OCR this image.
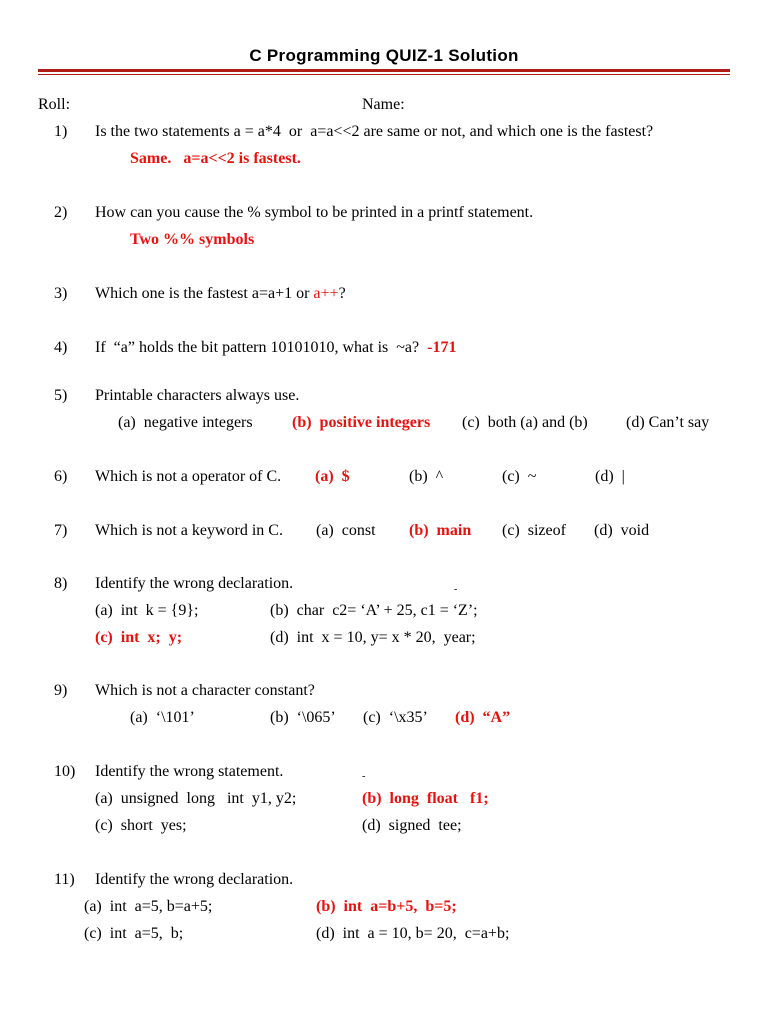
C Programming QUIZ-1 Solution
Roll:	Name:
1) Is the two statements a = a*4  or  a=a<<2 are same or not, and which one is the fastest?
Same.   a=a<<2 is fastest.
2) How can you cause the % symbol to be printed in a printf statement.
Two %% symbols
3) Which one is the fastest a=a+1 or a++?
4) If  “a” holds the bit pattern 10101010, what is  ~a? -171
5) Printable characters always use.
(a)  negative integers (b)  positive integers (c)  both (a) and (b) (d) Can’t say
6) Which is not a operator of C. (a)  $	(b)  ^	(c)  ~	(d)  |
7) Which is not a keyword in C. (a)  const (b)  main (c)  sizeof (d)  void
8) Identify the wrong declaration.	-
(a)  int  k = {9};	(b)  char  c2= ‘A’ + 25, c1 = ‘Z’;
(c)  int  x;  y;	(d)  int  x = 10, y= x * 20,  year;
9) Which is not a character constant?
(a)  ‘\101’	(b)  ‘\065’ (c)  ‘\x35’ (d)  “A”
10) Identify the wrong statement.	-
(a)  unsigned  long   int  y1, y2;	(b)  long  float   f1;
(c)  short  yes;	(d)  signed  tee;
11) Identify the wrong declaration.
(a)  int  a=5, b=a+5;	(b)  int  a=b+5,  b=5;
(c)  int  a=5,  b;	(d)  int  a = 10, b= 20,  c=a+b;
